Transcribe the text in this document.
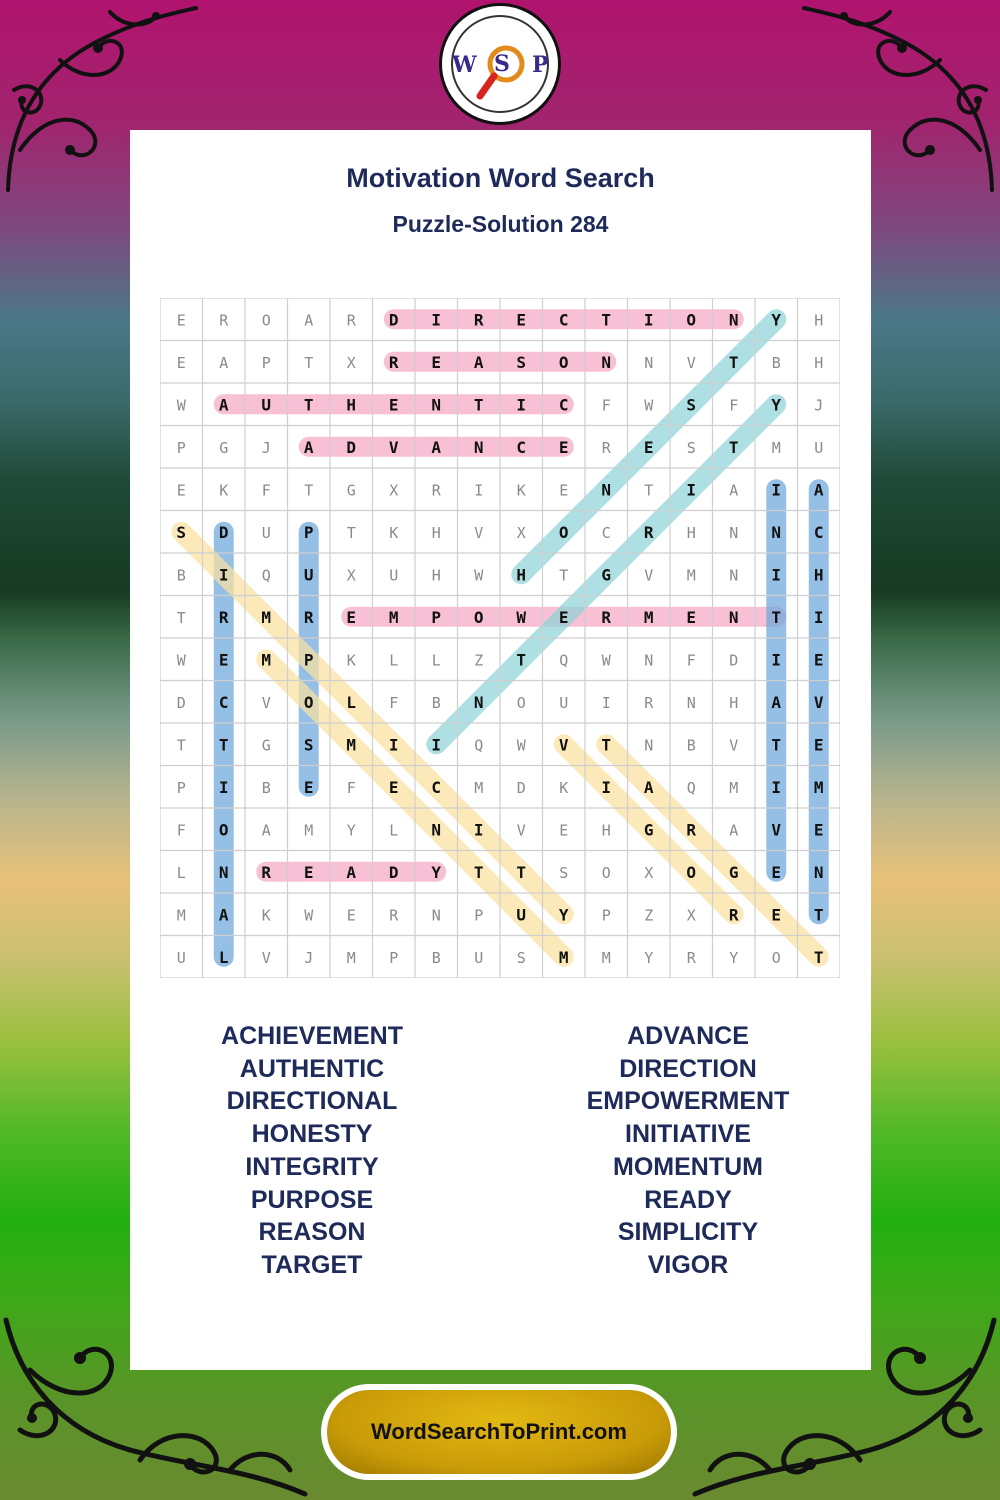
W S P
Motivation Word Search
Puzzle-Solution 284
E R O A R D I R E C T I O N Y H
E A P T X R E A S O N N V T B H
W A U T H E N T I C F W S F Y J
P G J A D V A N C E R E S T M U
E K F T G X R I K E N T I A I A
S D U P T K H V X O C R H N N C
B I Q U X U H W H T G V M N I H
T R M R E M P O W E R M E N T I
W E M P K L L Z T Q W N F D I E
D C V O L F B N O U I R N H A V
T T G S M I I Q W V T N B V T E
P I B E F E C M D K I A Q M I M
F O A M Y L N I V E H G R A V E
L N R E A D Y T T S O X O G E N
M A K W E R N P U Y P Z X R E T
U L V J M P B U S M M Y R Y O T
ACHIEVEMENT
AUTHENTIC
DIRECTIONAL
HONESTY
INTEGRITY
PURPOSE
REASON
TARGET
ADVANCE
DIRECTION
EMPOWERMENT
INITIATIVE
MOMENTUM
READY
SIMPLICITY
VIGOR
WordSearchToPrint.com
